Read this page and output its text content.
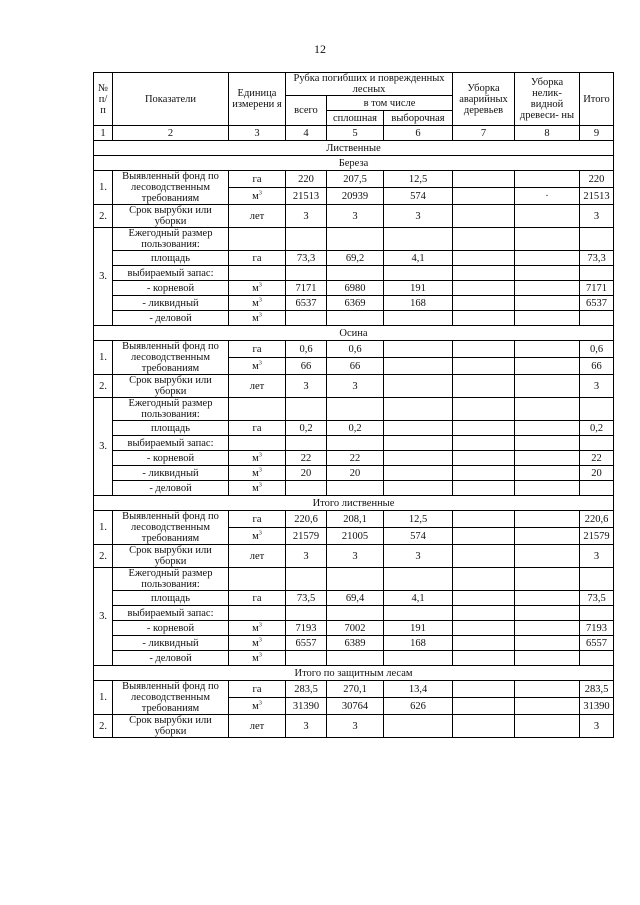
12
№ п/ п	Показатели	Единица измерени я	Рубка погибших и поврежденных лесных			Уборка аварийных деревьев	Уборка нелик- видной древеси- ны	Итого
			всего	в том числе				
				сплошная	выборочная			
1	2	3	4	5	6	7	8	9
Лиственные								
Береза								
1.	Выявленный фонд по лесоводственным требованиям	га	220	207,5	12,5			220
		$м^3$	21513	20939	574		·	21513
2.	Срок вырубки или уборки	лет	3	3	3			3
3.	Ежегодный размер пользования:							
	площадь	га	73,3	69,2	4,1			73,3
	выбираемый запас:							
	- корневой	$м^3$	7171	6980	191			7171
	- ликвидный	$м^3$	6537	6369	168			6537
	- деловой	$м^3$						
Осина								
1.	Выявленный фонд по лесоводственным требованиям	га	0,6	0,6				0,6
		$м^3$	66	66				66
2.	Срок вырубки или уборки	лет	3	3				3
3.	Ежегодный размер пользования:							
	площадь	га	0,2	0,2				0,2
	выбираемый запас:							
	- корневой	$м^3$	22	22				22
	- ликвидный	$м^3$	20	20				20
	- деловой	$м^3$						
Итого лиственные								
1.	Выявленный фонд по лесоводственным требованиям	га	220,6	208,1	12,5			220,6
		$м^3$	21579	21005	574			21579
2.	Срок вырубки или уборки	лет	3	3	3			3
3.	Ежегодный размер пользования:							
	площадь	га	73,5	69,4	4,1			73,5
	выбираемый запас:							
	- корневой	$м^3$	7193	7002	191			7193
	- ликвидный	$м^3$	6557	6389	168			6557
	- деловой	$м^3$						
Итого по защитным лесам								
1.	Выявленный фонд по лесоводственным требованиям	га	283,5	270,1	13,4			283,5
		$м^3$	31390	30764	626			31390
2.	Срок вырубки или уборки	лет	3	3				3
